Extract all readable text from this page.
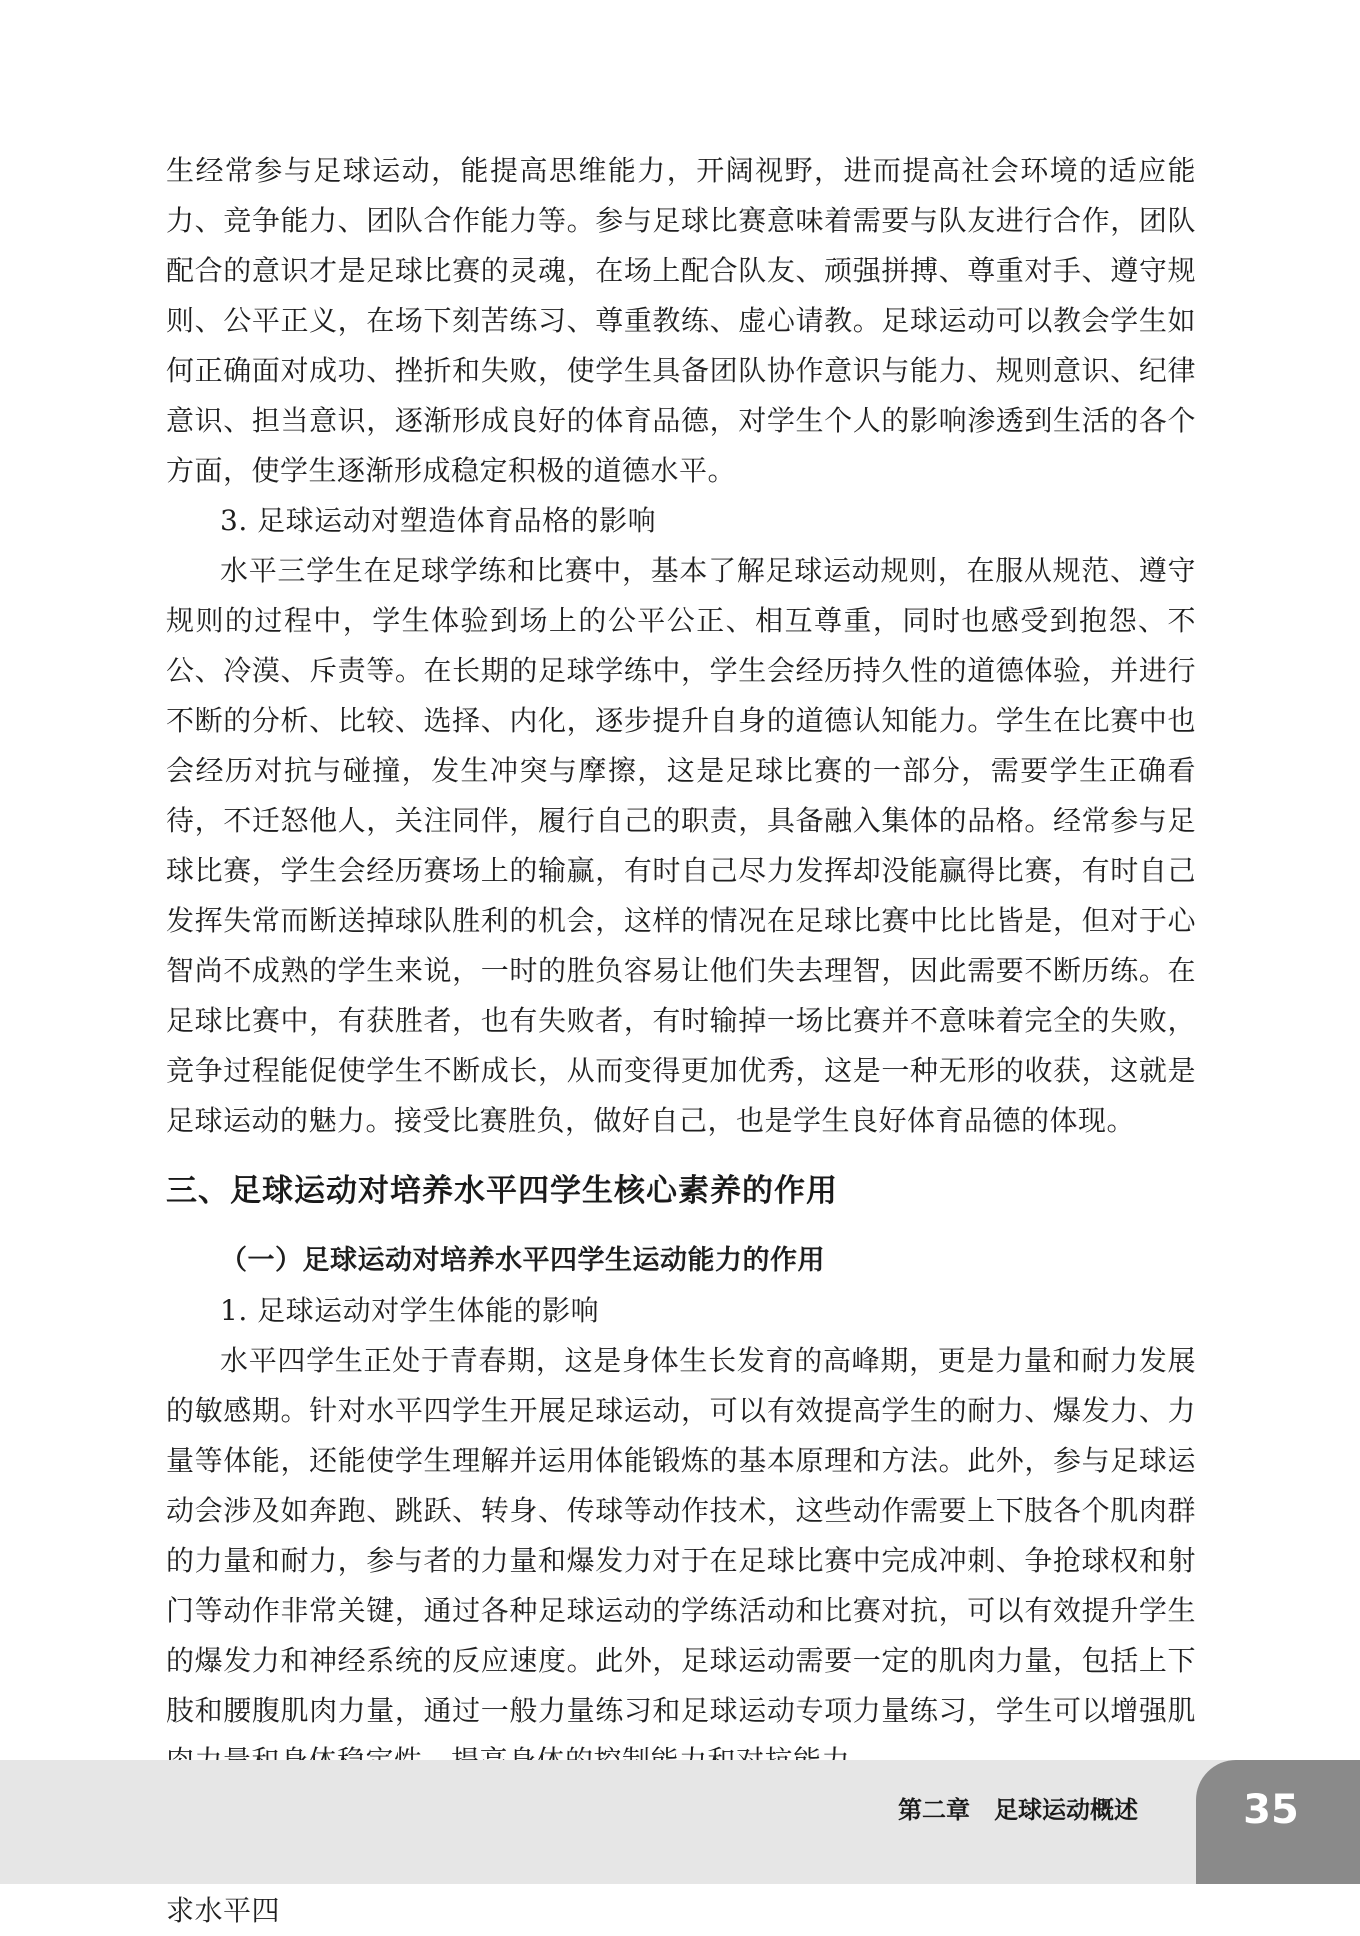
生经常参与足球运动，能提高思维能力，开阔视野，进而提高社会环境的适应能力、竞争能力、团队合作能力等。参与足球比赛意味着需要与队友进行合作，团队配合的意识才是足球比赛的灵魂，在场上配合队友、顽强拼搏、尊重对手、遵守规则、公平正义，在场下刻苦练习、尊重教练、虚心请教。足球运动可以教会学生如何正确面对成功、挫折和失败，使学生具备团队协作意识与能力、规则意识、纪律意识、担当意识，逐渐形成良好的体育品德，对学生个人的影响渗透到生活的各个方面，使学生逐渐形成稳定积极的道德水平。

3. 足球运动对塑造体育品格的影响

水平三学生在足球学练和比赛中，基本了解足球运动规则，在服从规范、遵守规则的过程中，学生体验到场上的公平公正、相互尊重，同时也感受到抱怨、不公、冷漠、斥责等。在长期的足球学练中，学生会经历持久性的道德体验，并进行不断的分析、比较、选择、内化，逐步提升自身的道德认知能力。学生在比赛中也会经历对抗与碰撞，发生冲突与摩擦，这是足球比赛的一部分，需要学生正确看待，不迁怒他人，关注同伴，履行自己的职责，具备融入集体的品格。经常参与足球比赛，学生会经历赛场上的输赢，有时自己尽力发挥却没能赢得比赛，有时自己发挥失常而断送掉球队胜利的机会，这样的情况在足球比赛中比比皆是，但对于心智尚不成熟的学生来说，一时的胜负容易让他们失去理智，因此需要不断历练。在足球比赛中，有获胜者，也有失败者，有时输掉一场比赛并不意味着完全的失败，竞争过程能促使学生不断成长，从而变得更加优秀，这是一种无形的收获，这就是足球运动的魅力。接受比赛胜负，做好自己，也是学生良好体育品德的体现。

三、足球运动对培养水平四学生核心素养的作用
（一）足球运动对培养水平四学生运动能力的作用

1. 足球运动对学生体能的影响

水平四学生正处于青春期，这是身体生长发育的高峰期，更是力量和耐力发展的敏感期。针对水平四学生开展足球运动，可以有效提高学生的耐力、爆发力、力量等体能，还能使学生理解并运用体能锻炼的基本原理和方法。此外，参与足球运动会涉及如奔跑、跳跃、转身、传球等动作技术，这些动作需要上下肢各个肌肉群的力量和耐力，参与者的力量和爆发力对于在足球比赛中完成冲刺、争抢球权和射门等动作非常关键，通过各种足球运动的学练活动和比赛对抗，可以有效提升学生的爆发力和神经系统的反应速度。此外，足球运动需要一定的肌肉力量，包括上下肢和腰腹肌肉力量，通过一般力量练习和足球运动专项力量练习，学生可以增强肌

求水平四

第二章　足球运动概述	35
